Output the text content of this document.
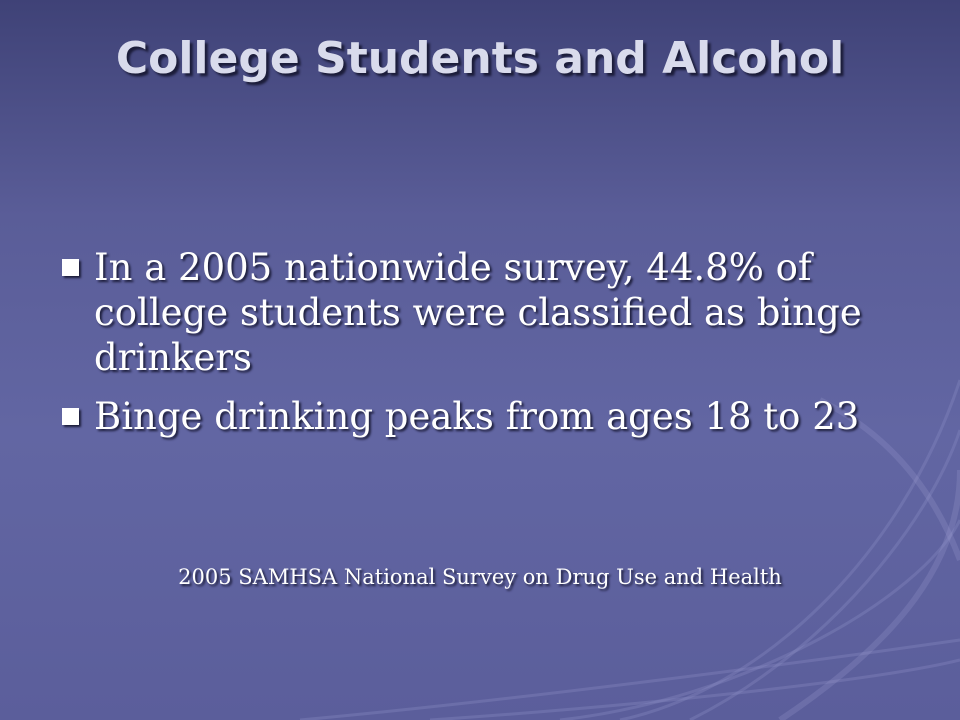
College Students and Alcohol
In a 2005 nationwide survey, 44.8% of college students were classified as binge drinkers
Binge drinking peaks from ages 18 to 23
2005 SAMHSA National Survey on Drug Use and Health
